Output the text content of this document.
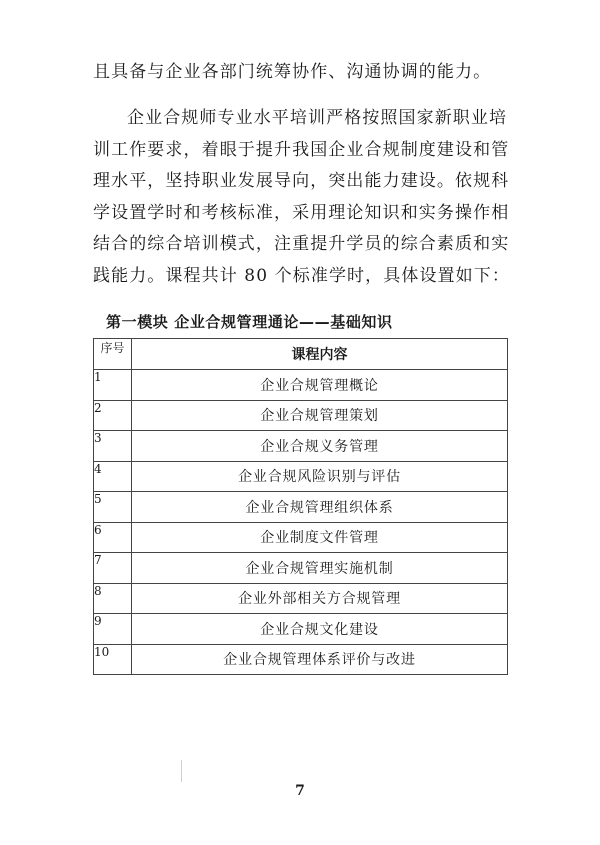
且具备与企业各部门统筹协作、沟通协调的能力。

企业合规师专业水平培训严格按照国家新职业培训工作要求，着眼于提升我国企业合规制度建设和管理水平，坚持职业发展导向，突出能力建设。依规科学设置学时和考核标准，采用理论知识和实务操作相结合的综合培训模式，注重提升学员的综合素质和实践能力。课程共计 80 个标准学时，具体设置如下：

第一模块 企业合规管理通论——基础知识
序号	课程内容
1	企业合规管理概论
2	企业合规管理策划
3	企业合规义务管理
4	企业合规风险识别与评估
5	企业合规管理组织体系
6	企业制度文件管理
7	企业合规管理实施机制
8	企业外部相关方合规管理
9	企业合规文化建设
10	企业合规管理体系评价与改进
7
